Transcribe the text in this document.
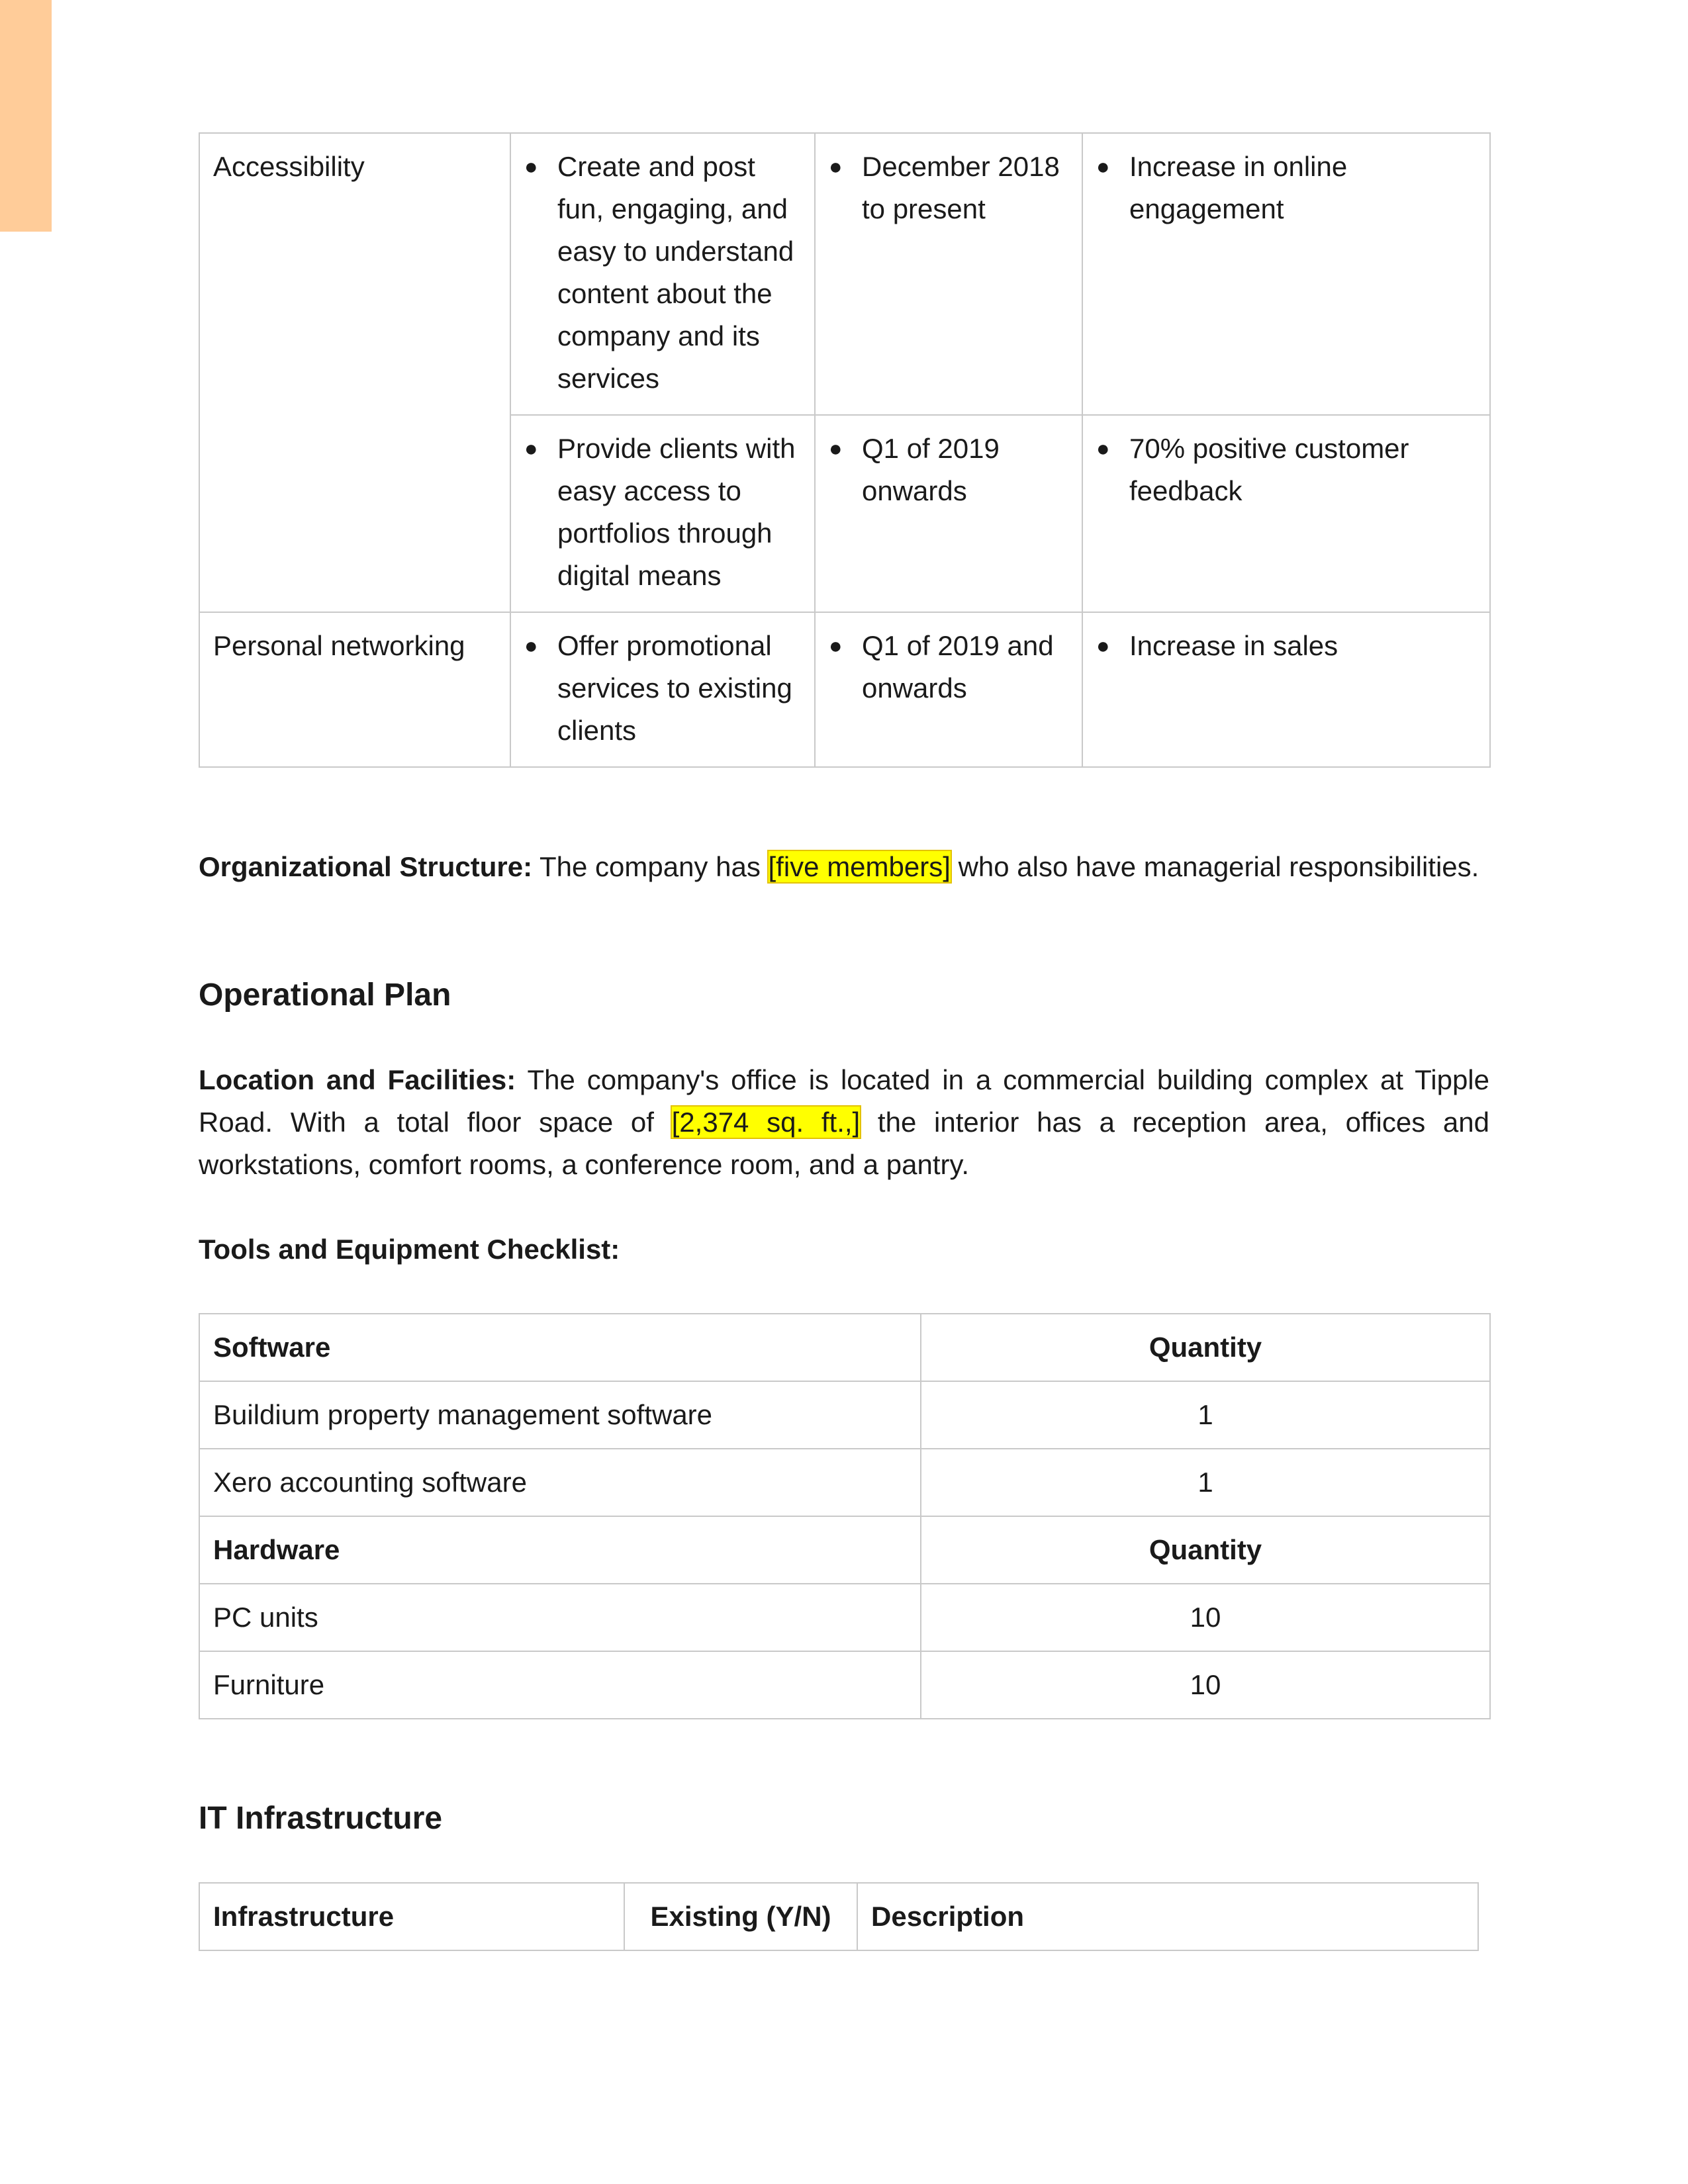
Accessibility	● Create and post fun, engaging, and easy to understand content about the company and its services	● December 2018 to present	● Increase in online engagement

	● Provide clients with easy access to portfolios through digital means	● Q1 of 2019 onwards	● 70% positive customer feedback

Personal networking	● Offer promotional services to existing clients	● Q1 of 2019 and onwards	● Increase in sales

Organizational Structure: The company has [five members] who also have managerial responsibilities.

Operational Plan

Location and Facilities: The company's office is located in a commercial building complex at Tipple Road. With a total floor space of [2,374 sq. ft.,] the interior has a reception area, offices and workstations, comfort rooms, a conference room, and a pantry.

Tools and Equipment Checklist:

Software	Quantity
Buildium property management software	1
Xero accounting software	1
Hardware	Quantity
PC units	10
Furniture	10
IT Infrastructure
Infrastructure	Existing (Y/N)	Description
